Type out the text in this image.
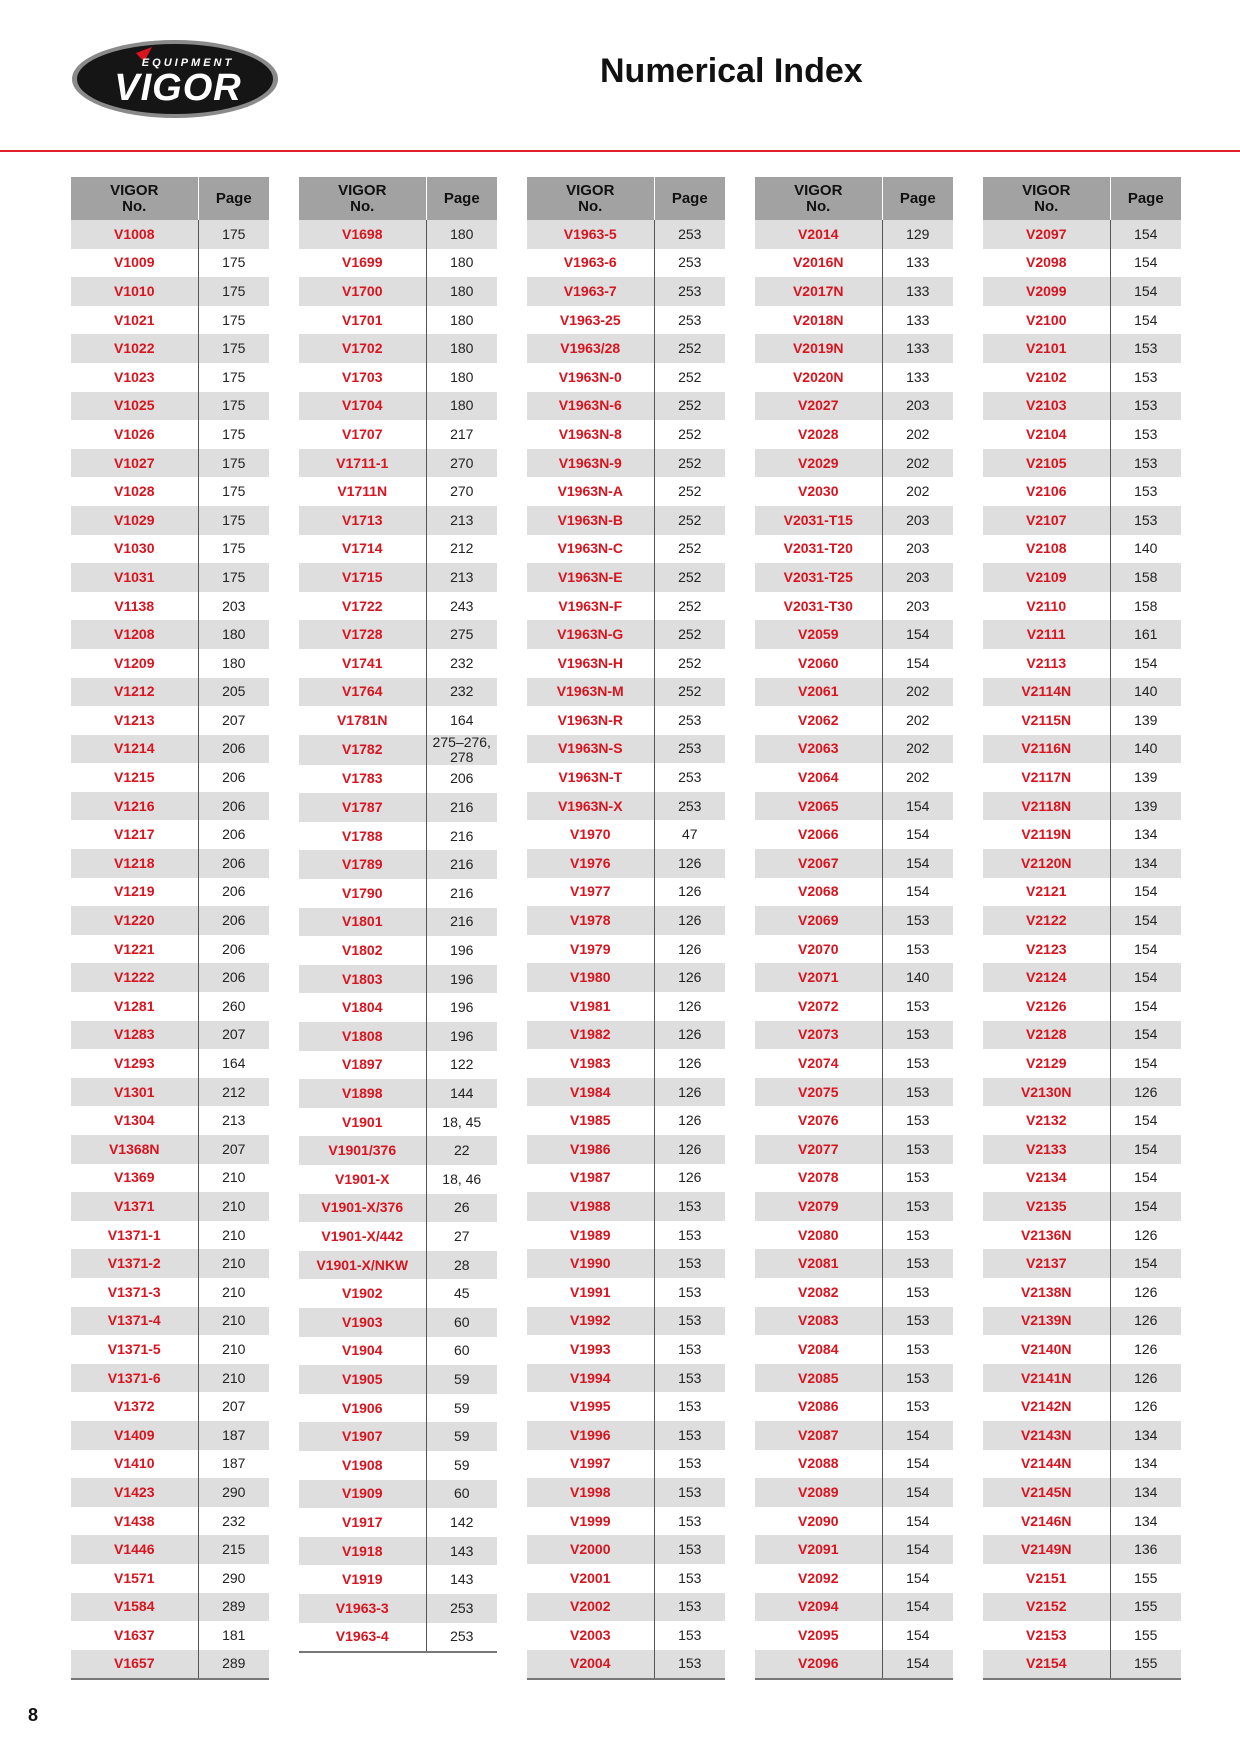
EQUIPMENT
VIGOR	Numerical Index
VIGOR
No.	Page
V1008	175
V1009	175
V1010	175
V1021	175
V1022	175
V1023	175
V1025	175
V1026	175
V1027	175
V1028	175
V1029	175
V1030	175
V1031	175
V1138	203
V1208	180
V1209	180
V1212	205
V1213	207
V1214	206
V1215	206
V1216	206
V1217	206
V1218	206
V1219	206
V1220	206
V1221	206
V1222	206
V1281	260
V1283	207
V1293	164
V1301	212
V1304	213
V1368N	207
V1369	210
V1371	210
V1371-1	210
V1371-2	210
V1371-3	210
V1371-4	210
V1371-5	210
V1371-6	210
V1372	207
V1409	187
V1410	187
V1423	290
V1438	232
V1446	215
V1571	290
V1584	289
V1637	181
V1657	289
VIGOR
No.	Page
V1698	180
V1699	180
V1700	180
V1701	180
V1702	180
V1703	180
V1704	180
V1707	217
V1711-1	270
V1711N	270
V1713	213
V1714	212
V1715	213
V1722	243
V1728	275
V1741	232
V1764	232
V1781N	164
V1782	275–276, 278

V1783	206
V1787	216
V1788	216
V1789	216
V1790	216
V1801	216
V1802	196
V1803	196
V1804	196
V1808	196
V1897	122
V1898	144
V1901	18, 45
V1901/376	22
V1901-X	18, 46
V1901-X/376	26
V1901-X/442	27
V1901-X/NKW	28
V1902	45
V1903	60
V1904	60
V1905	59
V1906	59
V1907	59
V1908	59
V1909	60
V1917	142
V1918	143
V1919	143
V1963-3	253
V1963-4	253
VIGOR
No.	Page
V1963-5	253
V1963-6	253
V1963-7	253
V1963-25	253
V1963/28	252
V1963N-0	252
V1963N-6	252
V1963N-8	252
V1963N-9	252
V1963N-A	252
V1963N-B	252
V1963N-C	252
V1963N-E	252
V1963N-F	252
V1963N-G	252
V1963N-H	252
V1963N-M	252
V1963N-R	253
V1963N-S	253
V1963N-T	253
V1963N-X	253
V1970	47
V1976	126
V1977	126
V1978	126
V1979	126
V1980	126
V1981	126
V1982	126
V1983	126
V1984	126
V1985	126
V1986	126
V1987	126
V1988	153
V1989	153
V1990	153
V1991	153
V1992	153
V1993	153
V1994	153
V1995	153
V1996	153
V1997	153
V1998	153
V1999	153
V2000	153
V2001	153
V2002	153
V2003	153
V2004	153
VIGOR
No.	Page
V2014	129
V2016N	133
V2017N	133
V2018N	133
V2019N	133
V2020N	133
V2027	203
V2028	202
V2029	202
V2030	202
V2031-T15	203
V2031-T20	203
V2031-T25	203
V2031-T30	203
V2059	154
V2060	154
V2061	202
V2062	202
V2063	202
V2064	202
V2065	154
V2066	154
V2067	154
V2068	154
V2069	153
V2070	153
V2071	140
V2072	153
V2073	153
V2074	153
V2075	153
V2076	153
V2077	153
V2078	153
V2079	153
V2080	153
V2081	153
V2082	153
V2083	153
V2084	153
V2085	153
V2086	153
V2087	154
V2088	154
V2089	154
V2090	154
V2091	154
V2092	154
V2094	154
V2095	154
V2096	154
VIGOR
No.	Page
V2097	154
V2098	154
V2099	154
V2100	154
V2101	153
V2102	153
V2103	153
V2104	153
V2105	153
V2106	153
V2107	153
V2108	140
V2109	158
V2110	158
V2111	161
V2113	154
V2114N	140
V2115N	139
V2116N	140
V2117N	139
V2118N	139
V2119N	134
V2120N	134
V2121	154
V2122	154
V2123	154
V2124	154
V2126	154
V2128	154
V2129	154
V2130N	126
V2132	154
V2133	154
V2134	154
V2135	154
V2136N	126
V2137	154
V2138N	126
V2139N	126
V2140N	126
V2141N	126
V2142N	126
V2143N	134
V2144N	134
V2145N	134
V2146N	134
V2149N	136
V2151	155
V2152	155
V2153	155
V2154	155
8
